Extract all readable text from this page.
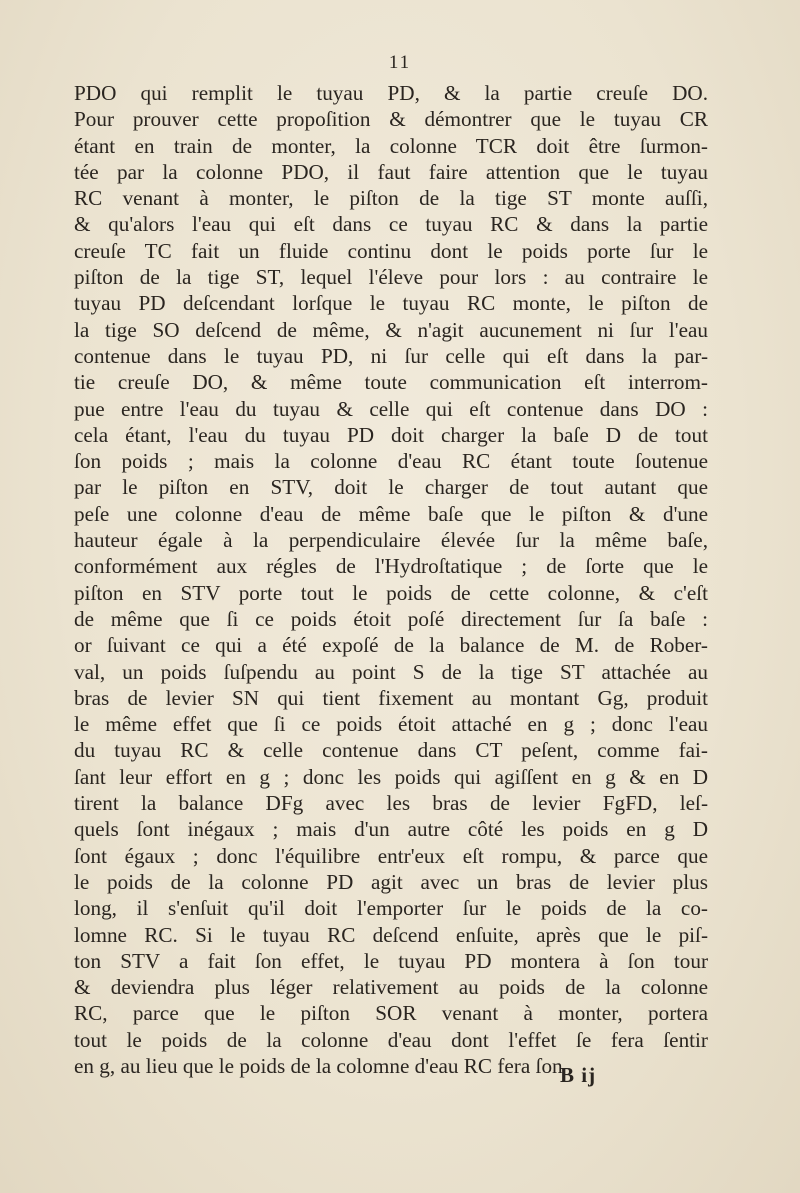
11
PDO qui remplit le tuyau PD, & la partie creuſe DO.
Pour prouver cette propoſition & démontrer que le tuyau CR
étant en train de monter, la colonne TCR doit être ſurmon-
tée par la colonne PDO, il faut faire attention que le tuyau
RC venant à monter, le piſton de la tige ST monte auſſi,
& qu'alors l'eau qui eſt dans ce tuyau RC & dans la partie
creuſe TC fait un fluide continu dont le poids porte ſur le
piſton de la tige ST, lequel l'éleve pour lors : au contraire le
tuyau PD deſcendant lorſque le tuyau RC monte, le piſton de
la tige SO deſcend de même, & n'agit aucunement ni ſur l'eau
contenue dans le tuyau PD, ni ſur celle qui eſt dans la par-
tie creuſe DO, & même toute communication eſt interrom-
pue entre l'eau du tuyau & celle qui eſt contenue dans DO :
cela étant, l'eau du tuyau PD doit charger la baſe D de tout
ſon poids ; mais la colonne d'eau RC étant toute ſoutenue
par le piſton en STV, doit le charger de tout autant que
peſe une colonne d'eau de même baſe que le piſton & d'une
hauteur égale à la perpendiculaire élevée ſur la même baſe,
conformément aux régles de l'Hydroſtatique ; de ſorte que le
piſton en STV porte tout le poids de cette colonne, & c'eſt
de même que ſi ce poids étoit poſé directement ſur ſa baſe :
or ſuivant ce qui a été expoſé de la balance de M. de Rober-
val, un poids ſuſpendu au point S de la tige ST attachée au
bras de levier SN qui tient fixement au montant Gg, produit
le même effet que ſi ce poids étoit attaché en g ; donc l'eau
du tuyau RC & celle contenue dans CT peſent, comme fai-
ſant leur effort en g ; donc les poids qui agiſſent en g & en D
tirent la balance DFg avec les bras de levier FgFD, leſ-
quels ſont inégaux ; mais d'un autre côté les poids en g D
ſont égaux ; donc l'équilibre entr'eux eſt rompu, & parce que
le poids de la colonne PD agit avec un bras de levier plus
long, il s'enſuit qu'il doit l'emporter ſur le poids de la co-
lomne RC. Si le tuyau RC deſcend enſuite, après que le piſ-
ton STV a fait ſon effet, le tuyau PD montera à ſon tour
& deviendra plus léger relativement au poids de la colonne
RC, parce que le piſton SOR venant à monter, portera
tout le poids de la colonne d'eau dont l'effet ſe fera ſentir
en g, au lieu que le poids de la colomne d'eau RC fera ſon
B ij
